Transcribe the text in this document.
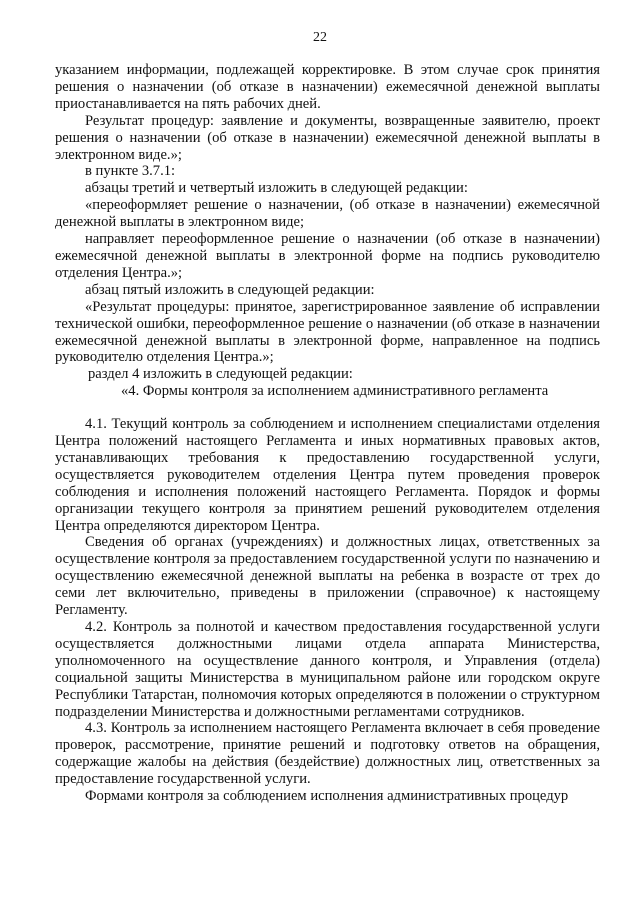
22

указанием информации, подлежащей корректировке. В этом случае срок принятия решения о назначении (об отказе в назначении) ежемесячной денежной выплаты приостанавливается на пять рабочих дней.

Результат процедур: заявление и документы, возвращенные заявителю, проект решения о назначении (об отказе в назначении) ежемесячной денежной выплаты в электронном виде.»;

в пункте 3.7.1:

абзацы третий и четвертый изложить в следующей редакции:

«переоформляет решение о назначении, (об отказе в назначении) ежемесячной денежной выплаты в электронном виде;

направляет переоформленное решение о назначении (об отказе в назначении) ежемесячной денежной выплаты в электронной форме на подпись руководителю отделения Центра.»;

абзац пятый изложить в следующей редакции:

«Результат процедуры: принятое, зарегистрированное заявление об исправлении технической ошибки, переоформленное решение о назначении (об отказе в назначении ежемесячной денежной выплаты в электронной форме, направленное на подпись руководителю отделения Центра.»;

раздел 4 изложить в следующей редакции:

«4. Формы контроля за исполнением административного регламента

4.1. Текущий контроль за соблюдением и исполнением специалистами отделения Центра положений настоящего Регламента и иных нормативных правовых актов, устанавливающих требования к предоставлению государственной услуги, осуществляется руководителем отделения Центра путем проведения проверок соблюдения и исполнения положений настоящего Регламента. Порядок и формы организации текущего контроля за принятием решений руководителем отделения Центра определяются директором Центра.

Сведения об органах (учреждениях) и должностных лицах, ответственных за осуществление контроля за предоставлением государственной услуги по назначению и осуществлению ежемесячной денежной выплаты на ребенка в возрасте от трех до семи лет включительно, приведены в приложении (справочное) к настоящему Регламенту.

4.2. Контроль за полнотой и качеством предоставления государственной услуги осуществляется должностными лицами отдела аппарата Министерства, уполномоченного на осуществление данного контроля, и Управления (отдела) социальной защиты Министерства в муниципальном районе или городском округе Республики Татарстан, полномочия которых определяются в положении о структурном подразделении Министерства и должностными регламентами сотрудников.

4.3. Контроль за исполнением настоящего Регламента включает в себя проведение проверок, рассмотрение, принятие решений и подготовку ответов на обращения, содержащие жалобы на действия (бездействие) должностных лиц, ответственных за предоставление государственной услуги.

Формами контроля за соблюдением исполнения административных процедур
